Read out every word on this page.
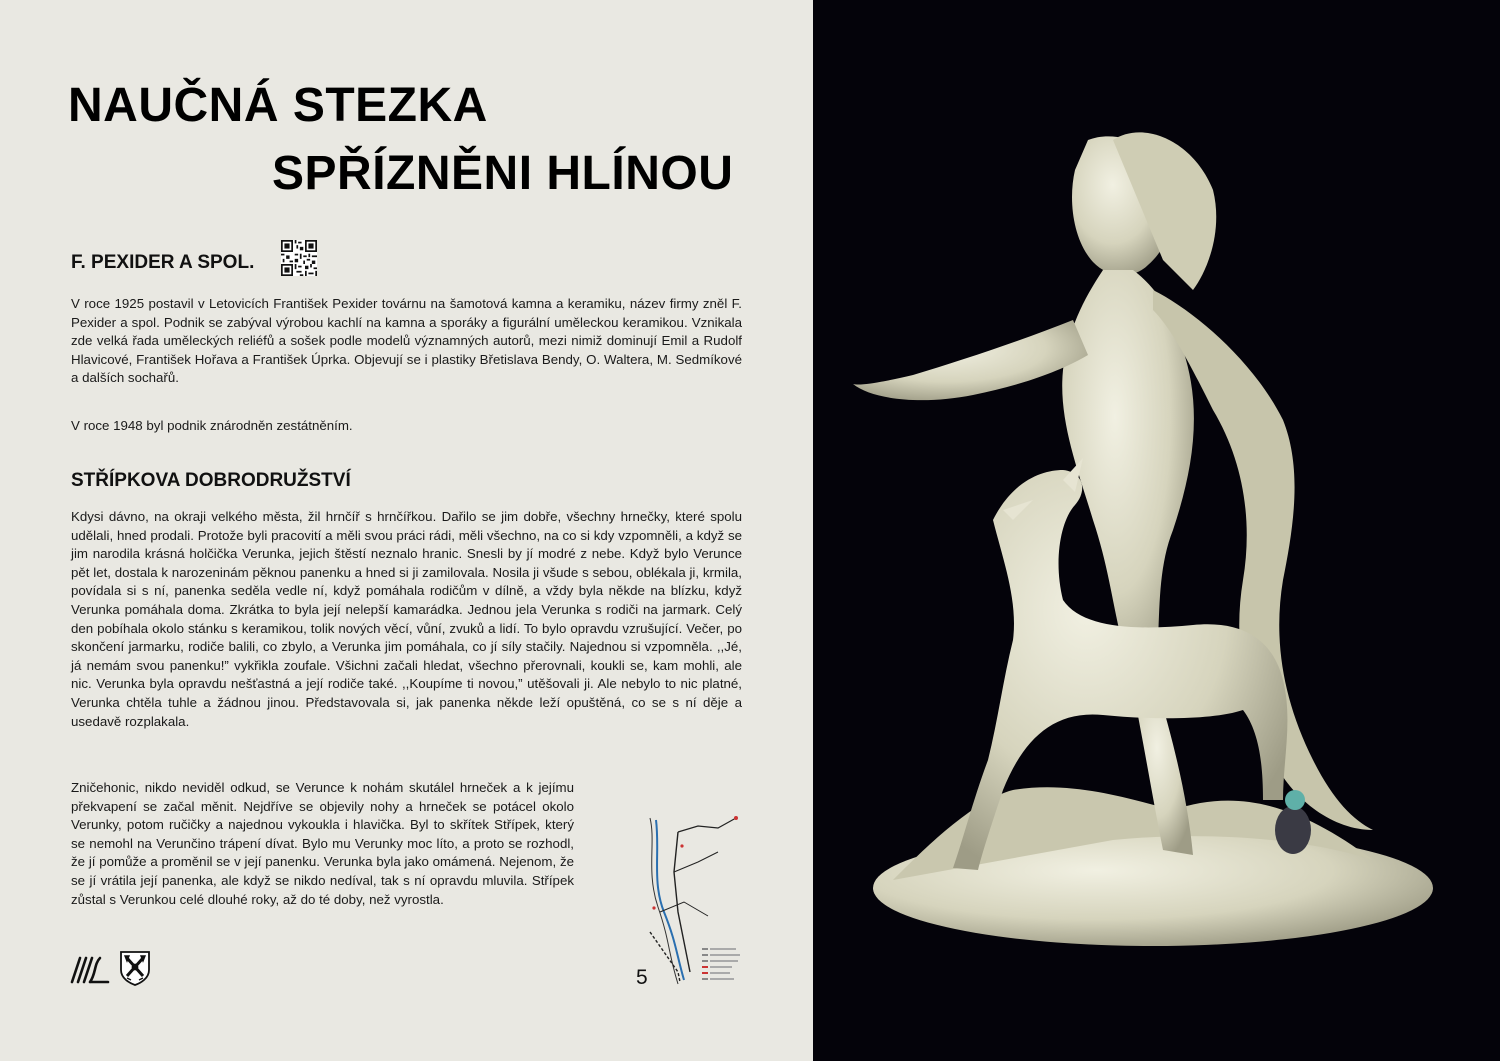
NAUČNÁ STEZKA
SPŘÍZNĚNI HLÍNOU
F. PEXIDER A SPOL.

V roce 1925 postavil v Letovicích František Pexider továrnu na šamotová kamna a keramiku, název firmy zněl F. Pexider a spol. Podnik se zabýval výrobou kachlí na kamna a sporáky a figurální uměleckou keramikou. Vznikala zde velká řada uměleckých reliéfů a sošek podle modelů významných autorů, mezi nimiž dominují Emil a Rudolf Hlavicové, František Hořava a František Úprka. Objevují se i plastiky Břetislava Bendy, O. Waltera, M. Sedmíkové a dalších sochařů.

V roce 1948 byl podnik znárodněn zestátněním.

STŘÍPKOVA DOBRODRUŽSTVÍ

Kdysi dávno, na okraji velkého města, žil hrnčíř s hrnčířkou. Dařilo se jim dobře, všechny hrnečky, které spolu udělali, hned prodali. Protože byli pracovití a měli svou práci rádi, měli všechno, na co si kdy vzpomněli, a když se jim narodila krásná holčička Verunka, jejich štěstí neznalo hranic. Snesli by jí modré z nebe. Když bylo Verunce pět let, dostala k narozeninám pěknou panenku a hned si ji zamilovala. Nosila ji všude s sebou, oblékala ji, krmila, povídala si s ní, panenka seděla vedle ní, když pomáhala rodičům v dílně, a vždy byla někde na blízku, když Verunka pomáhala doma. Zkrátka to byla její nelepší kamarádka. Jednou jela Verunka s rodiči na jarmark. Celý den pobíhala okolo stánku s keramikou, tolik nových věcí, vůní, zvuků a lidí. To bylo opravdu vzrušující. Večer, po skončení jarmarku, rodiče balili, co zbylo, a Verunka jim pomáhala, co jí síly stačily. Najednou si vzpomněla. ,,Jé, já nemám svou panenku!” vykřikla zoufale. Všichni začali hledat, všechno přerovnali, koukli se, kam mohli, ale nic. Verunka byla opravdu nešťastná a její rodiče také. ,,Koupíme ti novou,” utěšovali ji. Ale nebylo to nic platné, Verunka chtěla tuhle a žádnou jinou. Představovala si, jak panenka někde leží opuštěná, co se s ní děje a usedavě rozplakala.

Zničehonic, nikdo neviděl odkud, se Verunce k nohám skutálel hrneček a k jejímu překvapení se začal měnit. Nejdříve se objevily nohy a hrneček se potácel okolo Verunky, potom ručičky a najednou vykoukla i hlavička. Byl to skřítek Střípek, který se nemohl na Verunčino trápení dívat. Bylo mu Verunky moc líto, a proto se rozhodl, že jí pomůže a proměnil se v její panenku. Verunka byla jako omámená. Nejenom, že se jí vrátila její panenka, ale když se nikdo nedíval, tak s ní opravdu mluvila. Střípek zůstal s Verunkou celé dlouhé roky, až do té doby, než vyrostla.

5
